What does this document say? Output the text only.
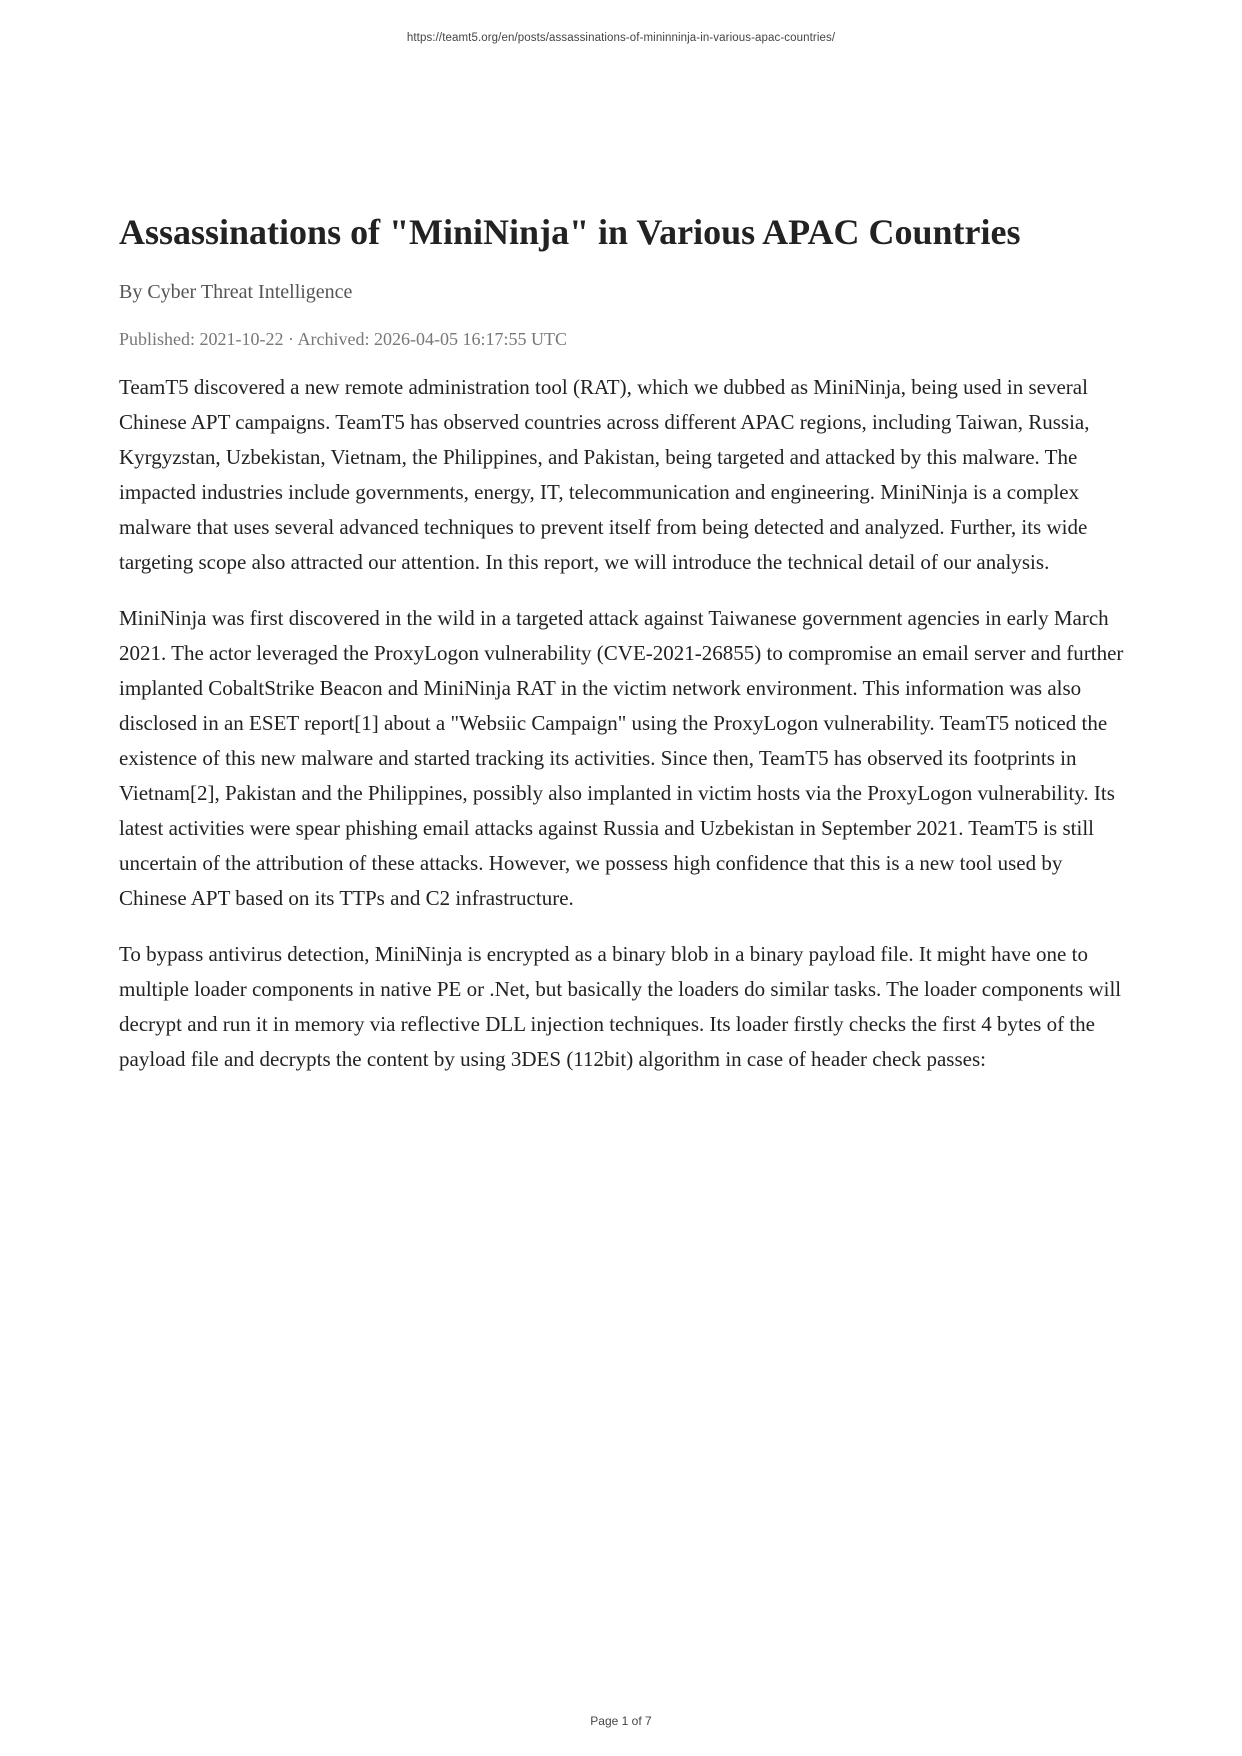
https://teamt5.org/en/posts/assassinations-of-mininninja-in-various-apac-countries/
Assassinations of "MiniNinja" in Various APAC Countries

By Cyber Threat Intelligence

Published: 2021-10-22 · Archived: 2026-04-05 16:17:55 UTC

TeamT5 discovered a new remote administration tool (RAT), which we dubbed as MiniNinja, being used in several Chinese APT campaigns. TeamT5 has observed countries across different APAC regions, including Taiwan, Russia, Kyrgyzstan, Uzbekistan, Vietnam, the Philippines, and Pakistan, being targeted and attacked by this malware. The impacted industries include governments, energy, IT, telecommunication and engineering. MiniNinja is a complex malware that uses several advanced techniques to prevent itself from being detected and analyzed. Further, its wide targeting scope also attracted our attention. In this report, we will introduce the technical detail of our analysis.

MiniNinja was first discovered in the wild in a targeted attack against Taiwanese government agencies in early March 2021. The actor leveraged the ProxyLogon vulnerability (CVE-2021-26855) to compromise an email server and further implanted CobaltStrike Beacon and MiniNinja RAT in the victim network environment. This information was also disclosed in an ESET report[1] about a "Websiic Campaign" using the ProxyLogon vulnerability. TeamT5 noticed the existence of this new malware and started tracking its activities. Since then, TeamT5 has observed its footprints in Vietnam[2], Pakistan and the Philippines, possibly also implanted in victim hosts via the ProxyLogon vulnerability. Its latest activities were spear phishing email attacks against Russia and Uzbekistan in September 2021. TeamT5 is still uncertain of the attribution of these attacks. However, we possess high confidence that this is a new tool used by Chinese APT based on its TTPs and C2 infrastructure.

To bypass antivirus detection, MiniNinja is encrypted as a binary blob in a binary payload file. It might have one to multiple loader components in native PE or .Net, but basically the loaders do similar tasks. The loader components will decrypt and run it in memory via reflective DLL injection techniques. Its loader firstly checks the first 4 bytes of the payload file and decrypts the content by using 3DES (112bit) algorithm in case of header check passes:

Page 1 of 7
